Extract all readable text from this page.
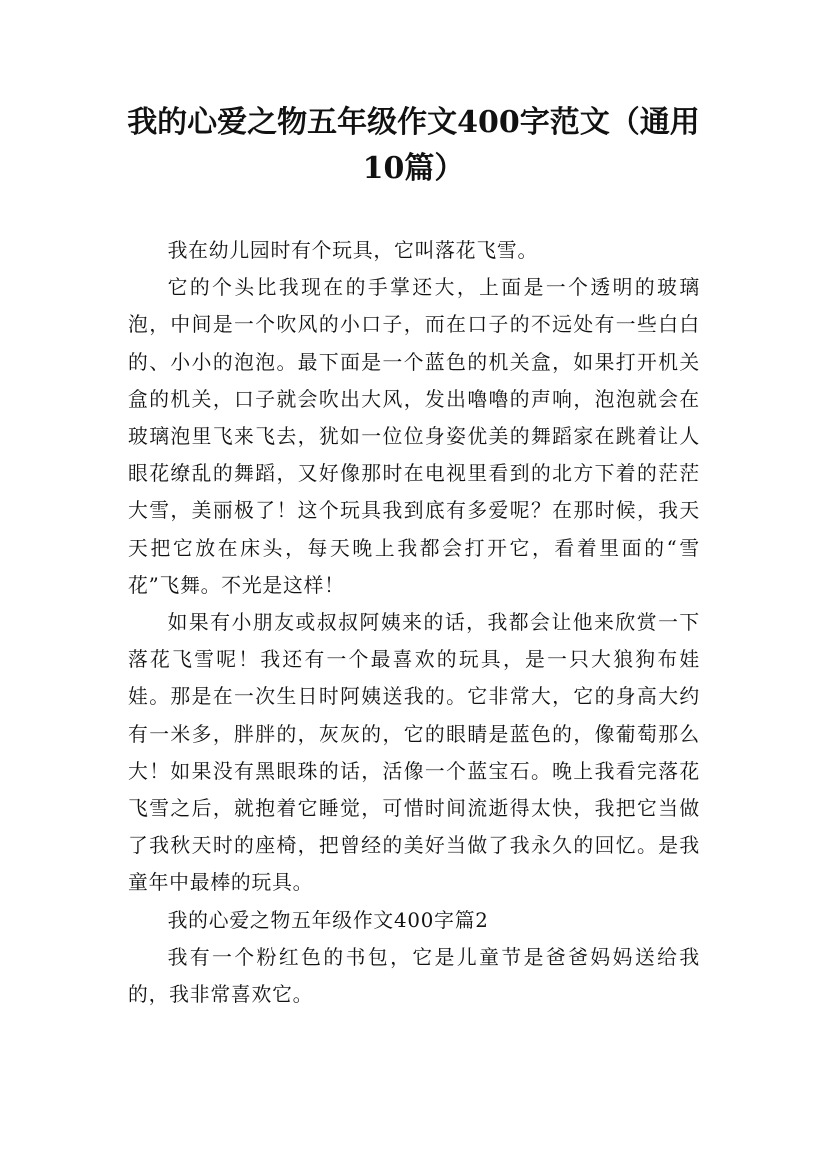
我的心爱之物五年级作文400字范文（通用10篇）

我在幼儿园时有个玩具，它叫落花飞雪。

它的个头比我现在的手掌还大，上面是一个透明的玻璃泡，中间是一个吹风的小口子，而在口子的不远处有一些白白的、小小的泡泡。最下面是一个蓝色的机关盒，如果打开机关盒的机关，口子就会吹出大风，发出嚕嚕的声响，泡泡就会在玻璃泡里飞来飞去，犹如一位位身姿优美的舞蹈家在跳着让人眼花缭乱的舞蹈，又好像那时在电视里看到的北方下着的茫茫大雪，美丽极了！这个玩具我到底有多爱呢？在那时候，我天天把它放在床头，每天晚上我都会打开它，看着里面的“雪花”飞舞。不光是这样！

如果有小朋友或叔叔阿姨来的话，我都会让他来欣赏一下落花飞雪呢！我还有一个最喜欢的玩具，是一只大狼狗布娃娃。那是在一次生日时阿姨送我的。它非常大，它的身高大约有一米多，胖胖的，灰灰的，它的眼睛是蓝色的，像葡萄那么大！如果没有黑眼珠的话，活像一个蓝宝石。晚上我看完落花飞雪之后，就抱着它睡觉，可惜时间流逝得太快，我把它当做了我秋天时的座椅，把曾经的美好当做了我永久的回忆。是我童年中最棒的玩具。

我的心爱之物五年级作文400字篇2

我有一个粉红色的书包，它是儿童节是爸爸妈妈送给我的，我非常喜欢它。
